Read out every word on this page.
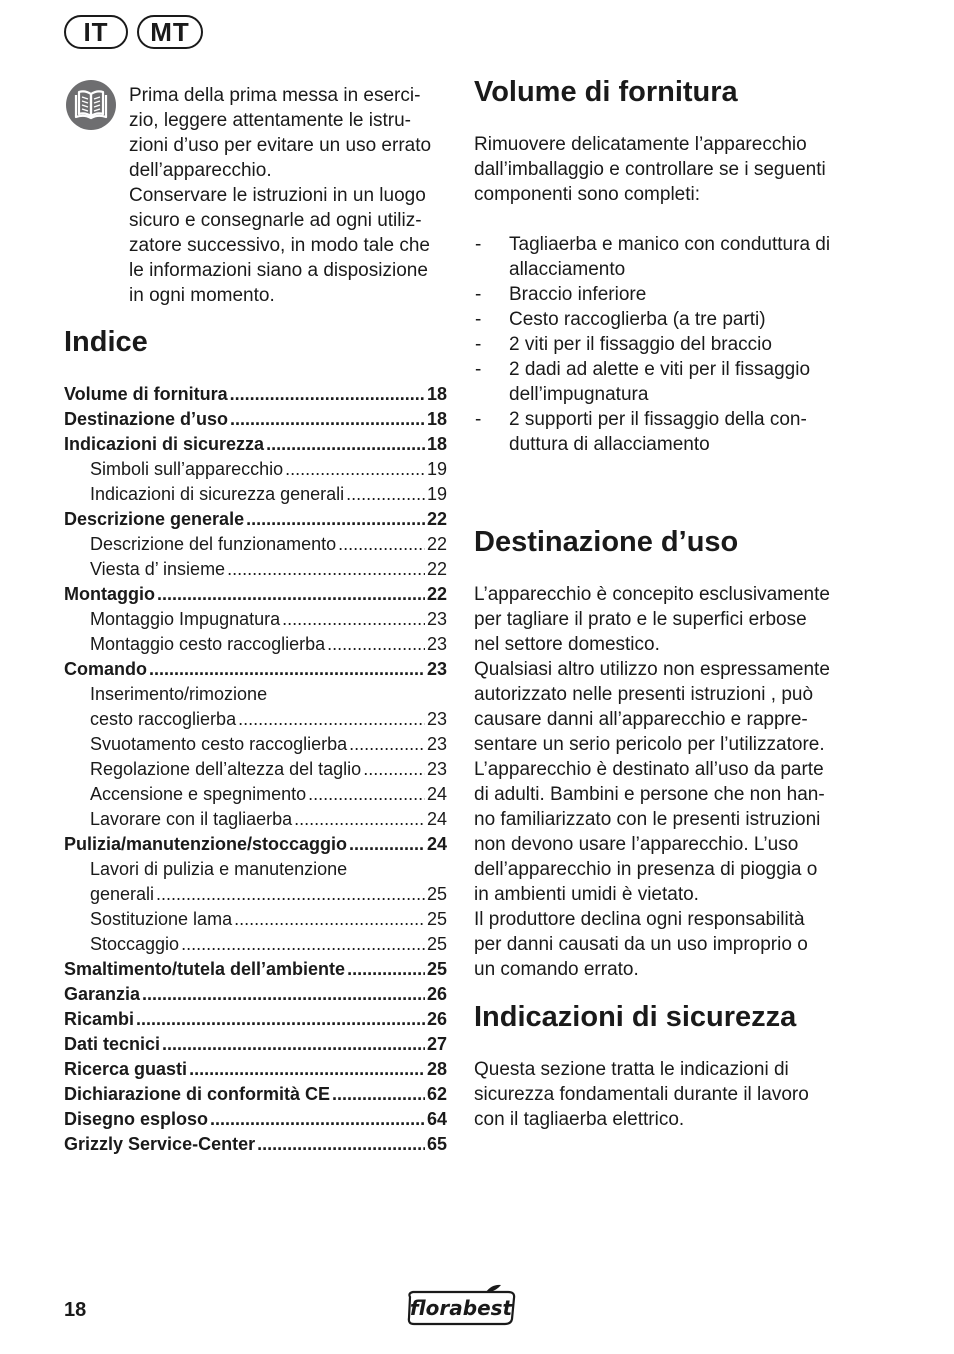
IT	MT

Prima della prima messa in eserci-
zio, leggere attentamente le istru-
zioni d’uso per evitare un uso errato
dell’apparecchio.

Conservare le istruzioni in un luogo
sicuro e consegnarle ad ogni utiliz-
zatore successivo, in modo tale che
le informazioni siano a disposizione
in ogni momento.

Indice
Volume di fornitura .....	18
Destinazione d’uso .....	18
Indicazioni di sicurezza .....	18
Simboli sull’apparecchio .....	19
Indicazioni di sicurezza generali .....	19
Descrizione generale .....	22
Descrizione del funzionamento .....	22
Viesta d’ insieme .....	22
Montaggio .....	22
Montaggio Impugnatura .....	23
Montaggio cesto raccoglierba .....	23
Comando .....	23
Inserimento/rimozione
cesto raccoglierba .....	23
Svuotamento cesto raccoglierba .....	23
Regolazione dell’altezza del taglio .....	23
Accensione e spegnimento .....	24
Lavorare con il tagliaerba .....	24
Pulizia/manutenzione/stoccaggio .....	24
Lavori di pulizia e manutenzione
generali .....	25
Sostituzione lama .....	25
Stoccaggio .....	25
Smaltimento/tutela dell’ambiente .....	25
Garanzia .....	26
Ricambi .....	26
Dati tecnici .....	27
Ricerca guasti .....	28
Dichiarazione di conformità CE .....	62
Disegno esploso .....	64
Grizzly Service-Center .....	65
Volume di fornitura

Rimuovere delicatamente l’apparecchio
dall’imballaggio e controllare se i seguenti
componenti sono completi:

- Tagliaerba e manico con conduttura di
allacciamento
- Braccio inferiore
- Cesto raccoglierba (a tre parti)
- 2 viti per il fissaggio del braccio
- 2 dadi ad alette e viti per il fissaggio
dell’impugnatura
- 2 supporti per il fissaggio della con-
duttura di allacciamento
Destinazione d’uso

L’apparecchio è concepito esclusivamente
per tagliare il prato e le superfici erbose
nel settore domestico.
Qualsiasi altro utilizzo non espressamente
autorizzato nelle presenti istruzioni , può
causare danni all’apparecchio e rappre-
sentare un serio pericolo per l’utilizzatore.
L’apparecchio è destinato all’uso da parte
di adulti. Bambini e persone che non han-
no familiarizzato con le presenti istruzioni
non devono usare l’apparecchio. L’uso
dell’apparecchio in presenza di pioggia o
in ambienti umidi è vietato.
Il produttore declina ogni responsabilità
per danni causati da un uso improprio o
un comando errato.

Indicazioni di sicurezza

Questa sezione tratta le indicazioni di
sicurezza fondamentali durante il lavoro
con il tagliaerba elettrico.

18	florabest
